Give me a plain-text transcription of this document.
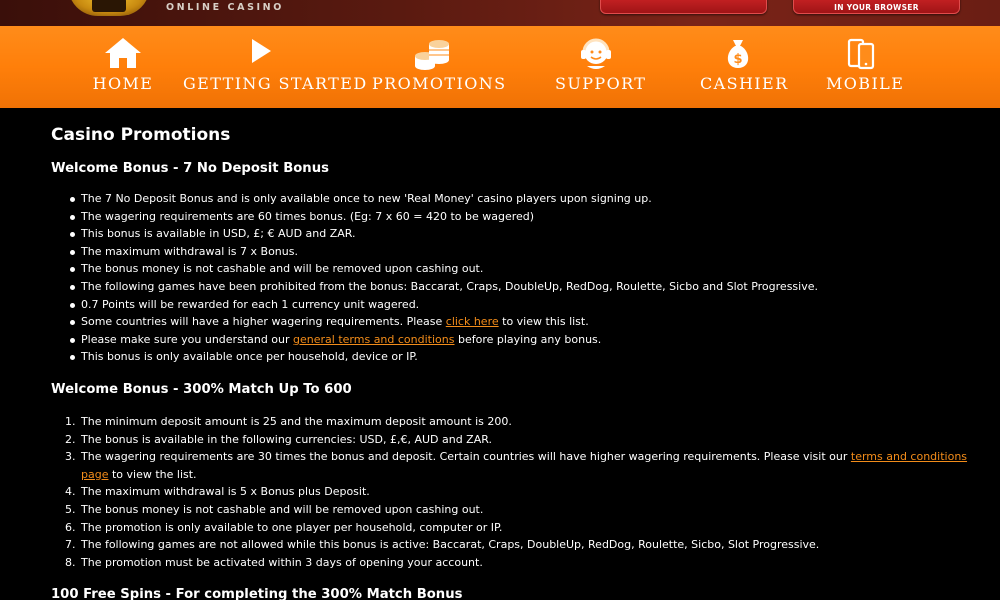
ONLINE CASINO	IN YOUR BROWSER
HOME	GETTING STARTED PROMOTIONS	SUPPORT
$
CASHIER MOBILE
Casino Promotions
Welcome Bonus - 7 No Deposit Bonus
The 7 No Deposit Bonus and is only available once to new 'Real Money' casino players upon signing up.
The wagering requirements are 60 times bonus. (Eg: 7 x 60 = 420 to be wagered)
This bonus is available in USD, £; € AUD and ZAR.
The maximum withdrawal is 7 x Bonus.
The bonus money is not cashable and will be removed upon cashing out.
The following games have been prohibited from the bonus: Baccarat, Craps, DoubleUp, RedDog, Roulette, Sicbo and Slot Progressive.
0.7 Points will be rewarded for each 1 currency unit wagered.
Some countries will have a higher wagering requirements. Please click here to view this list.
Please make sure you understand our general terms and conditions before playing any bonus.
This bonus is only available once per household, device or IP.
Welcome Bonus - 300% Match Up To 600
1. The minimum deposit amount is 25 and the maximum deposit amount is 200.
2. The bonus is available in the following currencies: USD, £,€, AUD and ZAR.
3. The wagering requirements are 30 times the bonus and deposit. Certain countries will have higher wagering requirements. Please visit our terms and conditions page to view the list.
4. The maximum withdrawal is 5 x Bonus plus Deposit.
5. The bonus money is not cashable and will be removed upon cashing out.
6. The promotion is only available to one player per household, computer or IP.
7. The following games are not allowed while this bonus is active: Baccarat, Craps, DoubleUp, RedDog, Roulette, Sicbo, Slot Progressive.
8. The promotion must be activated within 3 days of opening your account.
100 Free Spins - For completing the 300% Match Bonus
